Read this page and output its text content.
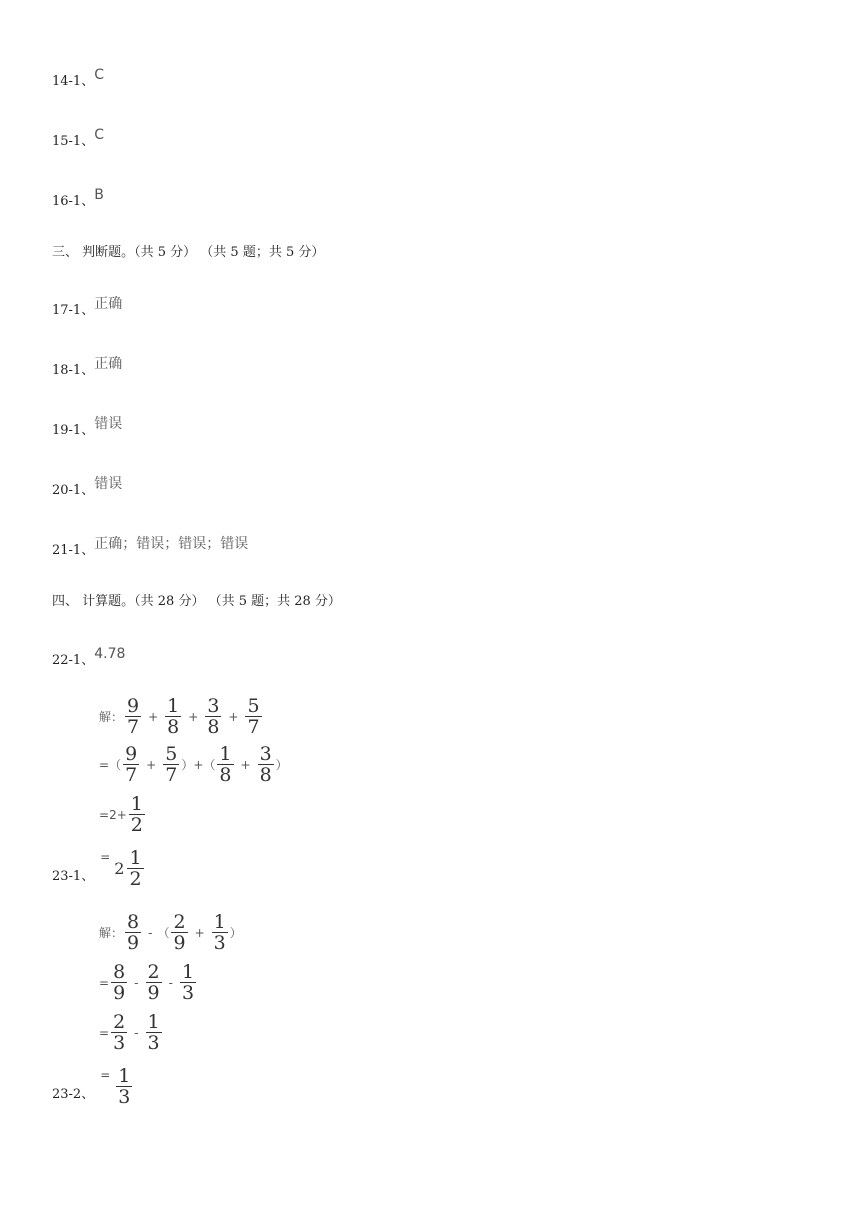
14-1、C
15-1、C
16-1、B
三、 判断题。（共 5 分） （共 5 题；共 5 分）
17-1、正确
18-1、正确
19-1、错误
20-1、错误
21-1、正确；错误；错误；错误
四、 计算题。（共 28 分） （共 5 题；共 28 分）
22-1、4.78
解： $\frac{9}{7} + \frac{1}{8} + \frac{3}{8} + \frac{5}{7}$
= （ $\frac{9}{7} + \frac{5}{7}$ ） + （ $\frac{1}{8} + \frac{3}{8}$ ）
= $2+ \frac{1}{2}$
23-1、
=
$2 \frac{1}{2}$
解： $\frac{8}{9}$ - （ $\frac{2}{9} + \frac{1}{3}$ ）
= $\frac{8}{9} - \frac{2}{9} - \frac{1}{3}$
= $\frac{2}{3} - \frac{1}{3}$
23-2、
= $\frac{1}{3}$
